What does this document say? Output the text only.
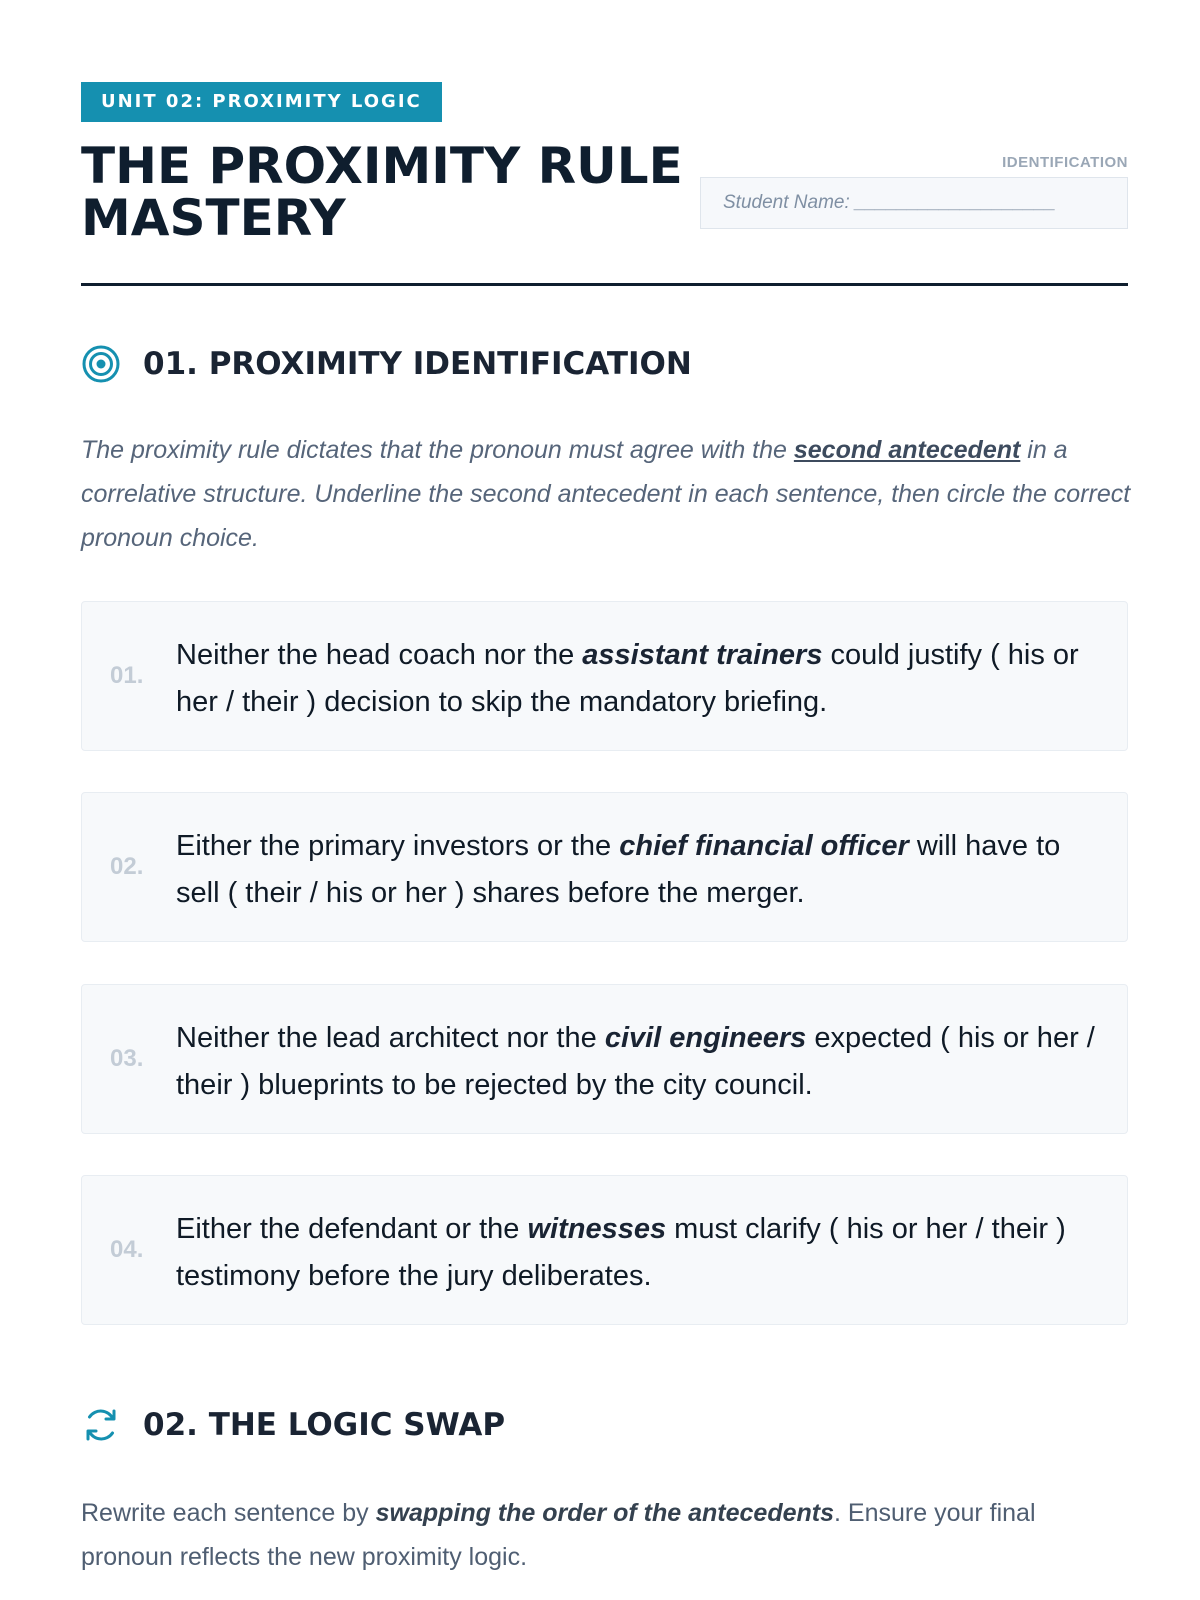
UNIT 02: PROXIMITY LOGIC
THE PROXIMITY RULE
MASTERY
IDENTIFICATION
Student Name: ___________________
01. PROXIMITY IDENTIFICATION

The proximity rule dictates that the pronoun must agree with the second antecedent in a correlative structure. Underline the second antecedent in each sentence, then circle the correct pronoun choice.

01.

Neither the head coach nor the assistant trainers could justify ( his or her / their ) decision to skip the mandatory briefing.

02.

Either the primary investors or the chief financial officer will have to sell ( their / his or her ) shares before the merger.

03.

Neither the lead architect nor the civil engineers expected ( his or her / their ) blueprints to be rejected by the city council.

04.

Either the defendant or the witnesses must clarify ( his or her / their ) testimony before the jury deliberates.

02. THE LOGIC SWAP

Rewrite each sentence by swapping the order of the antecedents. Ensure your final pronoun reflects the new proximity logic.
